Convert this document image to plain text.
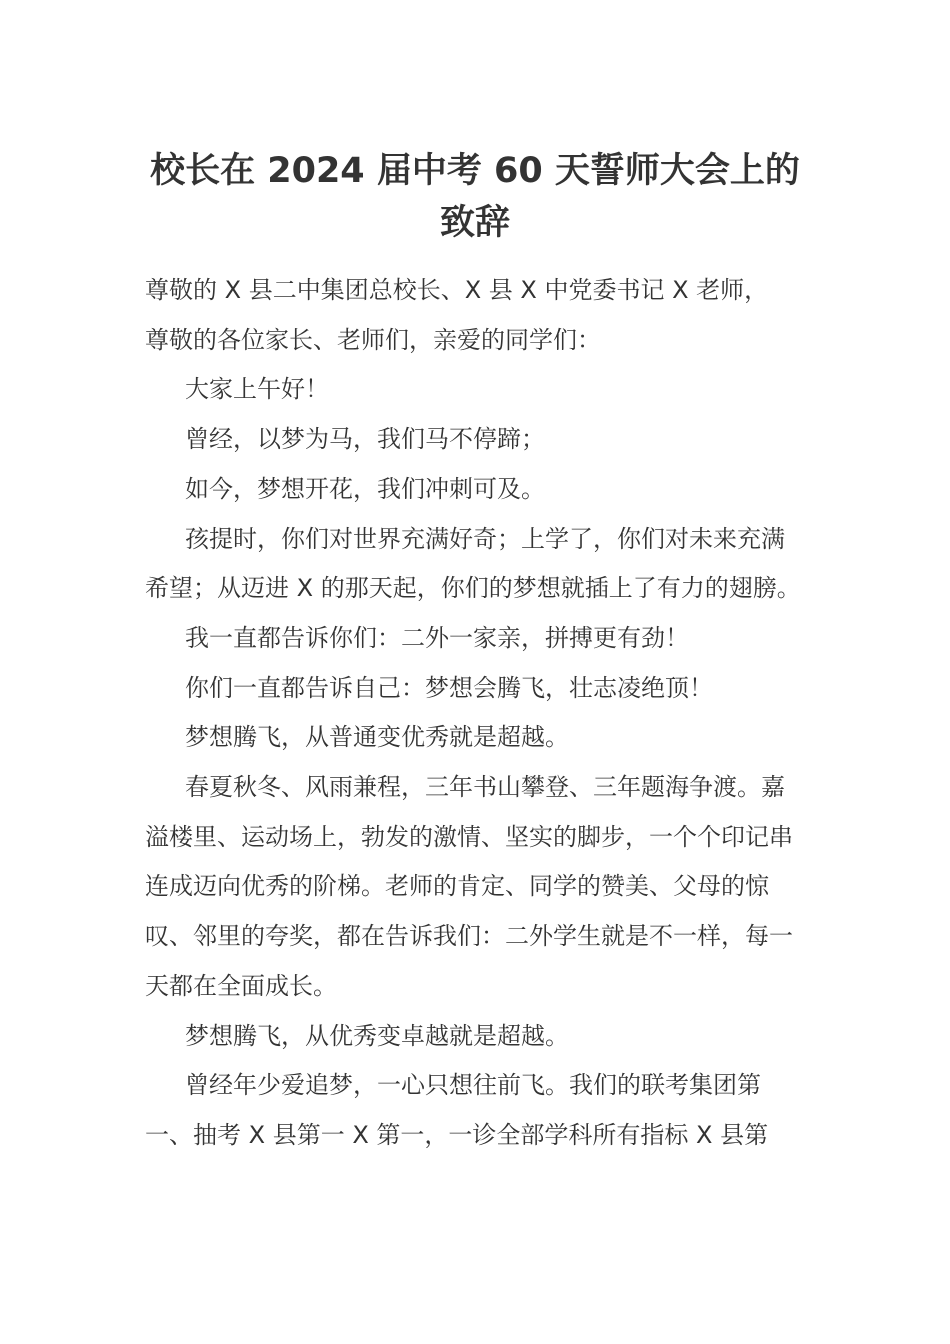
校长在 2024 届中考 60 天誓师大会上的致辞

尊敬的 X 县二中集团总校长、X 县 X 中党委书记 X 老师，

尊敬的各位家长、老师们，亲爱的同学们：

大家上午好！

曾经，以梦为马，我们马不停蹄；

如今，梦想开花，我们冲刺可及。

孩提时，你们对世界充满好奇；上学了，你们对未来充满希望；从迈进 X 的那天起，你们的梦想就插上了有力的翅膀。

我一直都告诉你们：二外一家亲，拼搏更有劲！

你们一直都告诉自己：梦想会腾飞，壮志凌绝顶！

梦想腾飞，从普通变优秀就是超越。

春夏秋冬、风雨兼程，三年书山攀登、三年题海争渡。嘉溢楼里、运动场上，勃发的激情、坚实的脚步，一个个印记串连成迈向优秀的阶梯。老师的肯定、同学的赞美、父母的惊叹、邻里的夸奖，都在告诉我们：二外学生就是不一样，每一天都在全面成长。

梦想腾飞，从优秀变卓越就是超越。

曾经年少爱追梦，一心只想往前飞。我们的联考集团第一、抽考 X 县第一 X 第一，一诊全部学科所有指标 X 县第
